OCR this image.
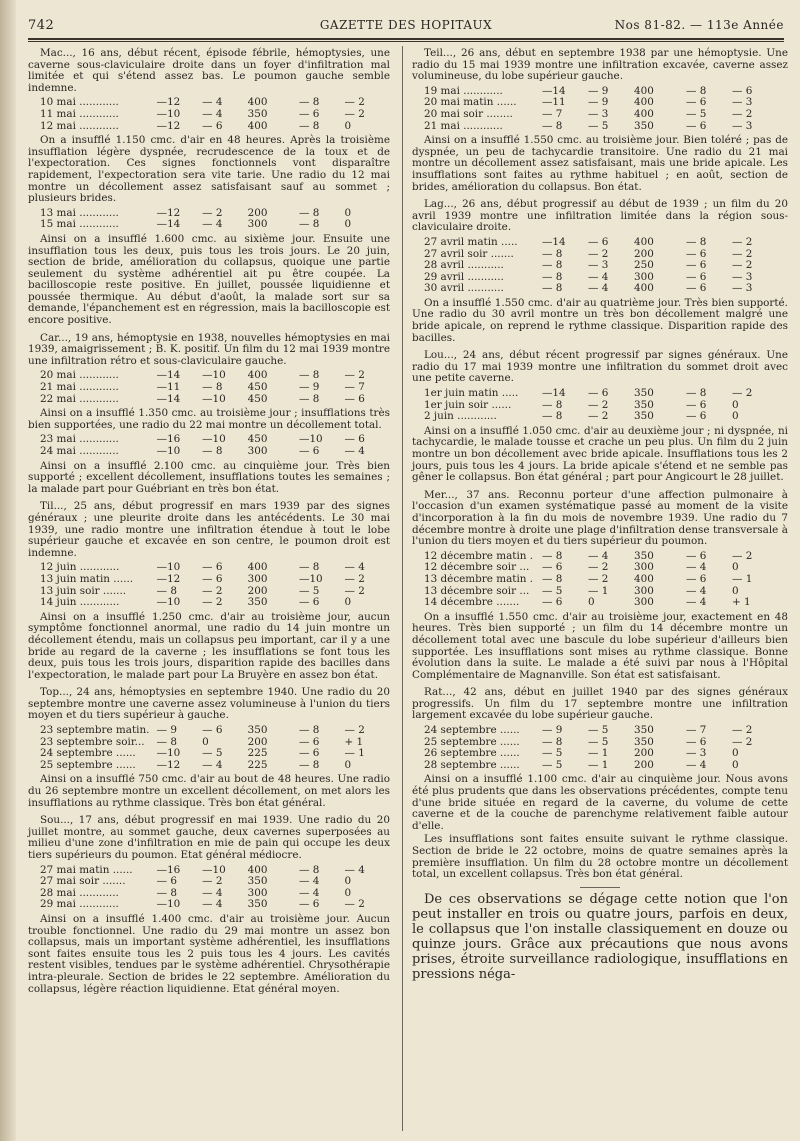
742	GAZETTE DES HOPITAUX	Nos 81-82. — 113e Année

Mac..., 16 ans, début récent, épisode fébrile, hémoptysies, une caverne sous-claviculaire droite dans un foyer d'infiltration mal limitée et qui s'étend assez bas. Le poumon gauche semble indemne.

10 mai ............	—12	— 4	400	— 8	— 2
11 mai ............	—10	— 4	350	— 6	— 2
12 mai ............	—12	— 6	400	— 8	0

On a insufflé 1.150 cmc. d'air en 48 heures. Après la troisième insufflation légère dyspnée, recrudescence de la toux et de l'expectoration. Ces signes fonctionnels vont disparaître rapidement, l'expectoration sera vite tarie. Une radio du 12 mai montre un décollement assez satisfaisant sauf au sommet ; plusieurs brides.

13 mai ............	—12	— 2	200	— 8	0
15 mai ............	—14	— 4	300	— 8	0

Ainsi on a insufflé 1.600 cmc. au sixième jour. Ensuite une insufflation tous les deux, puis tous les trois jours. Le 20 juin, section de bride, amélioration du collapsus, quoique une partie seulement du système adhérentiel ait pu être coupée. La bacilloscopie reste positive. En juillet, poussée liquidienne et poussée thermique. Au début d'août, la malade sort sur sa demande, l'épanchement est en régression, mais la bacilloscopie est encore positive.

Car..., 19 ans, hémoptysie en 1938, nouvelles hémoptysies en mai 1939, amaigrissement ; B. K. positif. Un film du 12 mai 1939 montre une infiltration rétro et sous-claviculaire gauche.

20 mai ............	—14	—10	400	— 8	— 2
21 mai ............	—11	— 8	450	— 9	— 7
22 mai ............	—14	—10	450	— 8	— 6

Ainsi on a insufflé 1.350 cmc. au troisième jour ; insufflations très bien supportées, une radio du 22 mai montre un décollement total.

23 mai ............	—16	—10	450	—10	— 6
24 mai ............	—10	— 8	300	— 6	— 4

Ainsi on a insufflé 2.100 cmc. au cinquième jour. Très bien supporté ; excellent décollement, insufflations toutes les semaines ; la malade part pour Guébriant en très bon état.

Til..., 25 ans, début progressif en mars 1939 par des signes généraux ; une pleurite droite dans les antécédents. Le 30 mai 1939, une radio montre une infiltration étendue à tout le lobe supérieur gauche et excavée en son centre, le poumon droit est indemne.

12 juin ............	—10	— 6	400	— 8	— 4
13 juin matin ......	—12	— 6	300	—10	— 2
13 juin soir .......	— 8	— 2	200	— 5	— 2
14 juin ............	—10	— 2	350	— 6	0

Ainsi on a insufflé 1.250 cmc. d'air au troisième jour, aucun symptôme fonctionnel anormal, une radio du 14 juin montre un décollement étendu, mais un collapsus peu important, car il y a une bride au regard de la caverne ; les insufflations se font tous les deux, puis tous les trois jours, disparition rapide des bacilles dans l'expectoration, le malade part pour La Bruyère en assez bon état.

Top..., 24 ans, hémoptysies en septembre 1940. Une radio du 20 septembre montre une caverne assez volumineuse à l'union du tiers moyen et du tiers supérieur à gauche.

23 septembre matin. — 9	— 6	350	— 8	— 2
23 septembre soir...	— 8	0	200	— 6	+ 1
24 septembre ......	—10	— 5	225	— 6	— 1
25 septembre ......	—12	— 4	225	— 8	0

Ainsi on a insufflé 750 cmc. d'air au bout de 48 heures. Une radio du 26 septembre montre un excellent décollement, on met alors les insufflations au rythme classique. Très bon état général.

Sou..., 17 ans, début progressif en mai 1939. Une radio du 20 juillet montre, au sommet gauche, deux cavernes superposées au milieu d'une zone d'infiltration en mie de pain qui occupe les deux tiers supérieurs du poumon. Etat général médiocre.

27 mai matin ......	—16	—10	400	— 8	— 4
27 mai soir .......	— 6	— 2	350	— 4	0
28 mai ............	— 8	— 4	300	— 4	0
29 mai ............	—10	— 4	350	— 6	— 2

Ainsi on a insufflé 1.400 cmc. d'air au troisième jour. Aucun trouble fonctionnel. Une radio du 29 mai montre un assez bon collapsus, mais un important système adhérentiel, les insufflations sont faites ensuite tous les 2 puis tous les 4 jours. Les cavités restent visibles, tendues par le système adhérentiel. Chrysothérapie intra-pleurale. Section de brides le 22 septembre. Amélioration du collapsus, légère réaction liquidienne. Etat général moyen.

Teil..., 26 ans, début en septembre 1938 par une hémoptysie. Une radio du 15 mai 1939 montre une infiltration excavée, caverne assez volumineuse, du lobe supérieur gauche.

19 mai ............	—14	— 9	400	— 8	— 6
20 mai matin ......	—11	— 9	400	— 6	— 3
20 mai soir ........	— 7	— 3	400	— 5	— 2
21 mai ............	— 8	— 5	350	— 6	— 3

Ainsi on a insufflé 1.550 cmc. au troisième jour. Bien toléré ; pas de dyspnée, un peu de tachycardie transitoire. Une radio du 21 mai montre un décollement assez satisfaisant, mais une bride apicale. Les insufflations sont faites au rythme habituel ; en août, section de brides, amélioration du collapsus. Bon état.

Lag..., 26 ans, début progressif au début de 1939 ; un film du 20 avril 1939 montre une infiltration limitée dans la région sous-claviculaire droite.

27 avril matin .....	—14	— 6	400	— 8	— 2
27 avril soir .......	— 8	— 2	200	— 6	— 2
28 avril ...........	— 8	— 3	250	— 6	— 2
29 avril ...........	— 8	— 4	300	— 6	— 3
30 avril ...........	— 8	— 4	400	— 6	— 3

On a insufflé 1.550 cmc. d'air au quatrième jour. Très bien supporté. Une radio du 30 avril montre un très bon décollement malgré une bride apicale, on reprend le rythme classique. Disparition rapide des bacilles.

Lou..., 24 ans, début récent progressif par signes généraux. Une radio du 17 mai 1939 montre une infiltration du sommet droit avec une petite caverne.

1er juin matin .....	—14	— 6	350	— 8	— 2
1er juin soir ......	— 8	— 2	350	— 6	0
2 juin ............	— 8	— 2	350	— 6	0

Ainsi on a insufflé 1.050 cmc. d'air au deuxième jour ; ni dyspnée, ni tachycardie, le malade tousse et crache un peu plus. Un film du 2 juin montre un bon décollement avec bride apicale. Insufflations tous les 2 jours, puis tous les 4 jours. La bride apicale s'étend et ne semble pas gêner le collapsus. Bon état général ; part pour Angicourt le 28 juillet.

Mer..., 37 ans. Reconnu porteur d'une affection pulmonaire à l'occasion d'un examen systématique passé au moment de la visite d'incorporation à la fin du mois de novembre 1939. Une radio du 7 décembre montre à droite une plage d'infiltration dense transversale à l'union du tiers moyen et du tiers supérieur du poumon.

12 décembre matin . — 8	— 4	350	— 6	— 2
12 décembre soir ...	— 6	— 2	300	— 4	0
13 décembre matin . — 8	— 2	400	— 6	— 1
13 décembre soir ...	— 5	— 1	300	— 4	0
14 décembre .......	— 6	0	300	— 4	+ 1

On a insufflé 1.550 cmc. d'air au troisième jour, exactement en 48 heures. Très bien supporté ; un film du 14 décembre montre un décollement total avec une bascule du lobe supérieur d'ailleurs bien supportée. Les insufflations sont mises au rythme classique. Bonne évolution dans la suite. Le malade a été suivi par nous à l'Hôpital Complémentaire de Magnanville. Son état est satisfaisant.

Rat..., 42 ans, début en juillet 1940 par des signes généraux progressifs. Un film du 17 septembre montre une infiltration largement excavée du lobe supérieur gauche.

24 septembre ......	— 9	— 5	350	— 7	— 2
25 septembre ......	— 8	— 5	350	— 6	— 2
26 septembre ......	— 5	— 1	200	— 3	0
28 septembre ......	— 5	— 1	200	— 4	0

Ainsi on a insufflé 1.100 cmc. d'air au cinquième jour. Nous avons été plus prudents que dans les observations précédentes, compte tenu d'une bride située en regard de la caverne, du volume de cette caverne et de la couche de parenchyme relativement faible autour d'elle.

Les insufflations sont faites ensuite suivant le rythme classique. Section de bride le 22 octobre, moins de quatre semaines après la première insufflation. Un film du 28 octobre montre un décollement total, un excellent collapsus. Très bon état général.

De ces observations se dégage cette notion que l'on peut installer en trois ou quatre jours, parfois en deux, le collapsus que l'on installe classiquement en douze ou quinze jours. Grâce aux précautions que nous avons prises, étroite surveillance radiologique, insufflations en pressions néga-
